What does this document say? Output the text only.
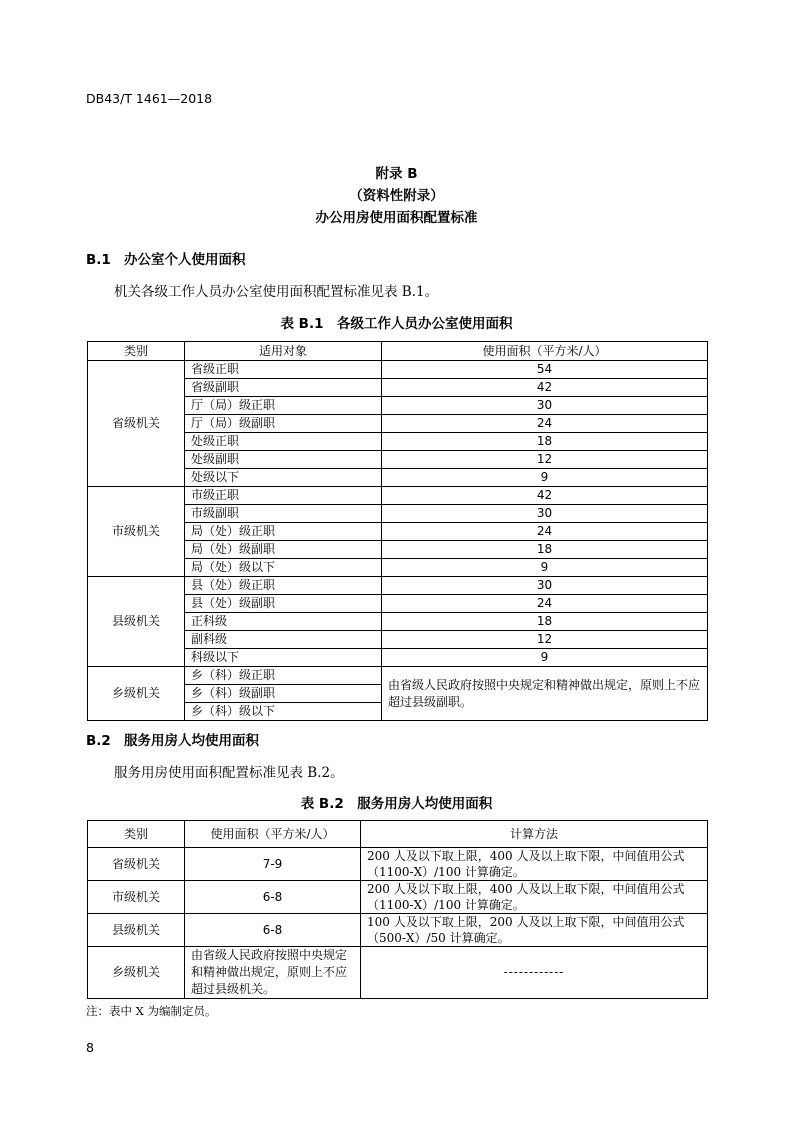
DB43/T 1461—2018
附录 B
（资料性附录）
办公用房使用面积配置标准
B.1 办公室个人使用面积
机关各级工作人员办公室使用面积配置标准见表 B.1。
表 B.1　各级工作人员办公室使用面积
类别	适用对象	使用面积（平方米/人）
省级机关	省级正职	54
	省级副职	42
	厅（局）级正职	30
	厅（局）级副职	24
	处级正职	18
	处级副职	12
	处级以下	9
市级机关	市级正职	42
	市级副职	30
	局（处）级正职	24
	局（处）级副职	18
	局（处）级以下	9
县级机关	县（处）级正职	30
	县（处）级副职	24
	正科级	18
	副科级	12
	科级以下	9
乡级机关	乡（科）级正职	由省级人民政府按照中央规定和精神做出规定，原则上不应超过县级副职。
	乡（科）级副职	
	乡（科）级以下	
B.2 服务用房人均使用面积
服务用房使用面积配置标准见表 B.2。
表 B.2　服务用房人均使用面积
类别	使用面积（平方米/人）	计算方法
省级机关	7-9	200 人及以下取上限，400 人及以上取下限，中间值用公式（1100-X）/100 计算确定。
市级机关	6-8	200 人及以下取上限，400 人及以上取下限，中间值用公式（1100-X）/100 计算确定。
县级机关	6-8	100 人及以下取上限，200 人及以上取下限，中间值用公式（500-X）/50 计算确定。
乡级机关	由省级人民政府按照中央规定和精神做出规定，原则上不应超过县级机关。	------------
注：表中 X 为编制定员。
8
